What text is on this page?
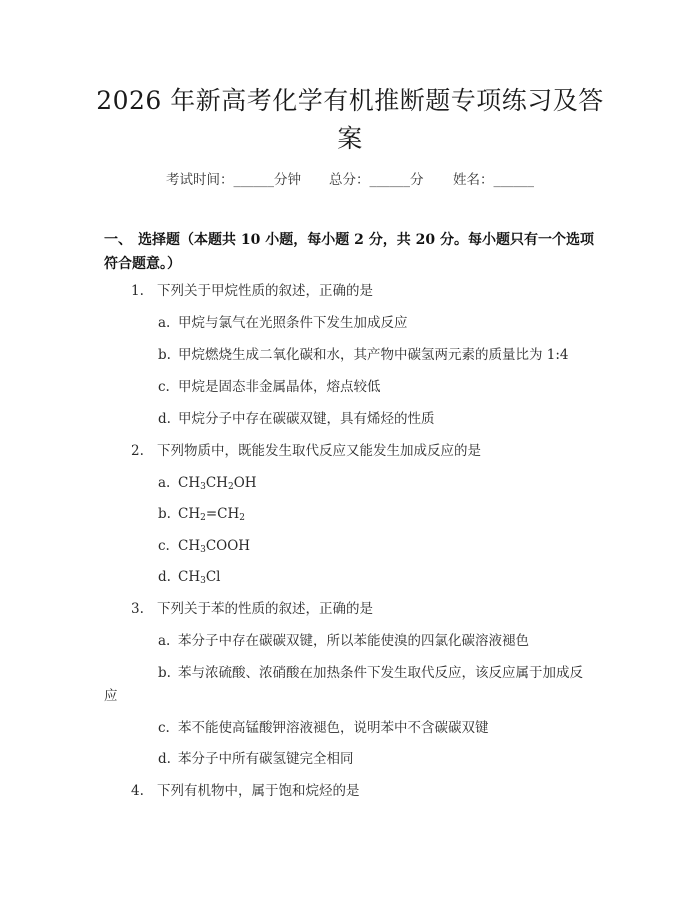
2026 年新高考化学有机推断题专项练习及答
案
考试时间：______分钟 总分：______分 姓名：______
一、 选择题（本题共 10 小题，每小题 2 分，共 20 分。每小题只有一个选项符合题意。）
1. 下列关于甲烷性质的叙述，正确的是
a. 甲烷与氯气在光照条件下发生加成反应
b. 甲烷燃烧生成二氧化碳和水，其产物中碳氢两元素的质量比为 1:4
c. 甲烷是固态非金属晶体，熔点较低
d. 甲烷分子中存在碳碳双键，具有烯烃的性质
2. 下列物质中，既能发生取代反应又能发生加成反应的是
a. $CH_3CH_2OH$
b. $CH_2=CH_2$
c. $CH_3COOH$
d. $CH_3Cl$
3. 下列关于苯的性质的叙述，正确的是
a. 苯分子中存在碳碳双键，所以苯能使溴的四氯化碳溶液褪色
b. 苯与浓硫酸、浓硝酸在加热条件下发生取代反应，该反应属于加成反
应
c. 苯不能使高锰酸钾溶液褪色，说明苯中不含碳碳双键
d. 苯分子中所有碳氢键完全相同
4. 下列有机物中，属于饱和烷烃的是
